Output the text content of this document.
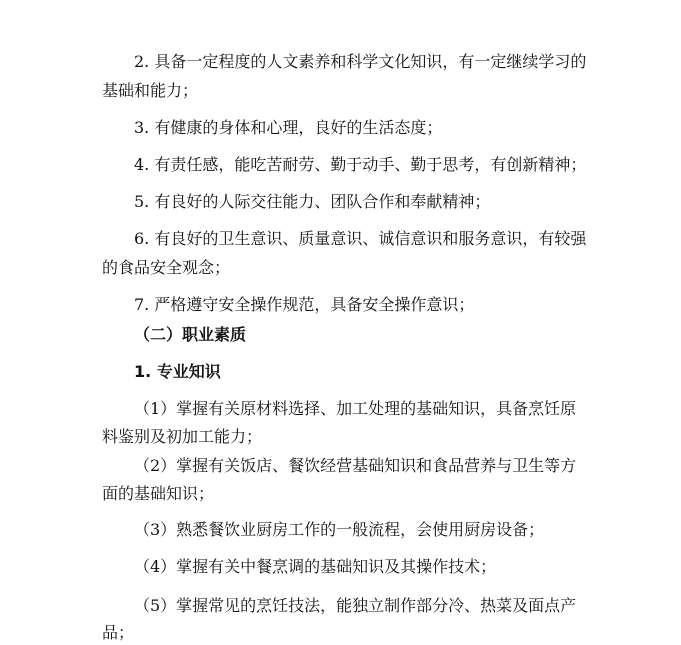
2. 具备一定程度的人文素养和科学文化知识，有一定继续学习的
基础和能力；
3. 有健康的身体和心理，良好的生活态度；
4. 有责任感，能吃苦耐劳、勤于动手、勤于思考，有创新精神；
5. 有良好的人际交往能力、团队合作和奉献精神；
6. 有良好的卫生意识、质量意识、诚信意识和服务意识，有较强
的食品安全观念；
7. 严格遵守安全操作规范，具备安全操作意识；
（二）职业素质
1. 专业知识
（1）掌握有关原材料选择、加工处理的基础知识，具备烹饪原
料鉴别及初加工能力；
（2）掌握有关饭店、餐饮经营基础知识和食品营养与卫生等方
面的基础知识；
（3）熟悉餐饮业厨房工作的一般流程，会使用厨房设备；
（4）掌握有关中餐烹调的基础知识及其操作技术；
（5）掌握常见的烹饪技法，能独立制作部分冷、热菜及面点产
品；
